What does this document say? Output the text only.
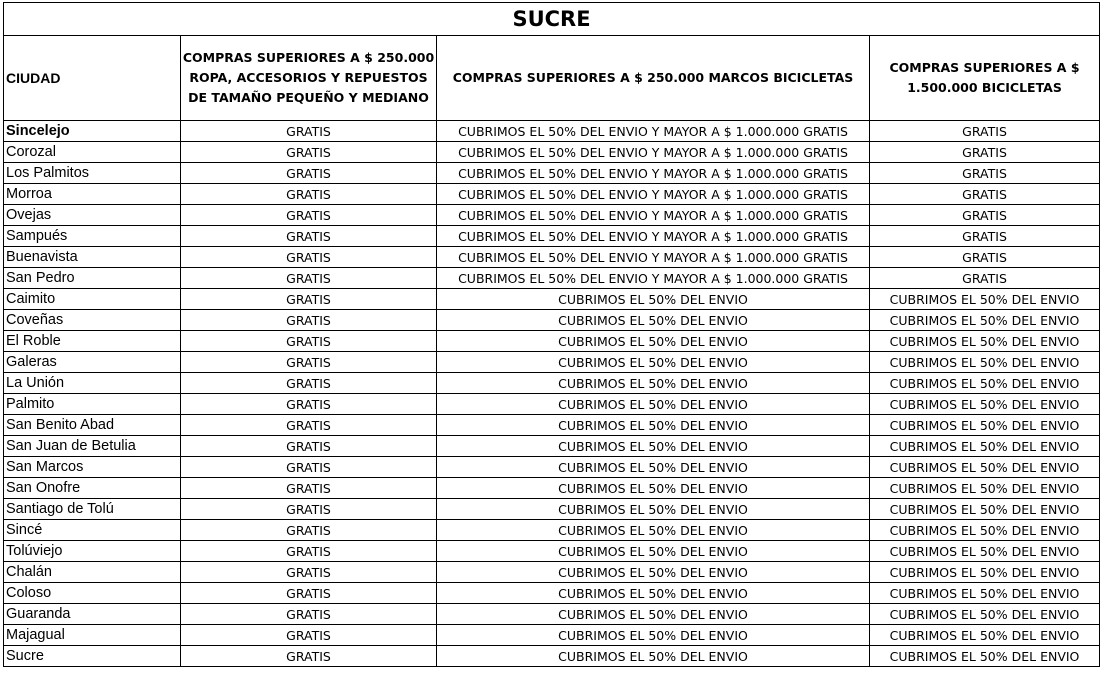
SUCRE			
CIUDAD	COMPRAS SUPERIORES A $ 250.000 ROPA, ACCESORIOS Y REPUESTOS DE TAMAÑO PEQUEÑO Y MEDIANO	COMPRAS SUPERIORES A $ 250.000 MARCOS BICICLETAS	COMPRAS SUPERIORES A $ 1.500.000 BICICLETAS
Sincelejo	GRATIS	CUBRIMOS EL 50% DEL ENVIO Y MAYOR A $ 1.000.000 GRATIS	GRATIS
Corozal	GRATIS	CUBRIMOS EL 50% DEL ENVIO Y MAYOR A $ 1.000.000 GRATIS	GRATIS
Los Palmitos	GRATIS	CUBRIMOS EL 50% DEL ENVIO Y MAYOR A $ 1.000.000 GRATIS	GRATIS
Morroa	GRATIS	CUBRIMOS EL 50% DEL ENVIO Y MAYOR A $ 1.000.000 GRATIS	GRATIS
Ovejas	GRATIS	CUBRIMOS EL 50% DEL ENVIO Y MAYOR A $ 1.000.000 GRATIS	GRATIS
Sampués	GRATIS	CUBRIMOS EL 50% DEL ENVIO Y MAYOR A $ 1.000.000 GRATIS	GRATIS
Buenavista	GRATIS	CUBRIMOS EL 50% DEL ENVIO Y MAYOR A $ 1.000.000 GRATIS	GRATIS
San Pedro	GRATIS	CUBRIMOS EL 50% DEL ENVIO Y MAYOR A $ 1.000.000 GRATIS	GRATIS
Caimito	GRATIS	CUBRIMOS EL 50% DEL ENVIO	CUBRIMOS EL 50% DEL ENVIO
Coveñas	GRATIS	CUBRIMOS EL 50% DEL ENVIO	CUBRIMOS EL 50% DEL ENVIO
El Roble	GRATIS	CUBRIMOS EL 50% DEL ENVIO	CUBRIMOS EL 50% DEL ENVIO
Galeras	GRATIS	CUBRIMOS EL 50% DEL ENVIO	CUBRIMOS EL 50% DEL ENVIO
La Unión	GRATIS	CUBRIMOS EL 50% DEL ENVIO	CUBRIMOS EL 50% DEL ENVIO
Palmito	GRATIS	CUBRIMOS EL 50% DEL ENVIO	CUBRIMOS EL 50% DEL ENVIO
San Benito Abad	GRATIS	CUBRIMOS EL 50% DEL ENVIO	CUBRIMOS EL 50% DEL ENVIO
San Juan de Betulia	GRATIS	CUBRIMOS EL 50% DEL ENVIO	CUBRIMOS EL 50% DEL ENVIO
San Marcos	GRATIS	CUBRIMOS EL 50% DEL ENVIO	CUBRIMOS EL 50% DEL ENVIO
San Onofre	GRATIS	CUBRIMOS EL 50% DEL ENVIO	CUBRIMOS EL 50% DEL ENVIO
Santiago de Tolú	GRATIS	CUBRIMOS EL 50% DEL ENVIO	CUBRIMOS EL 50% DEL ENVIO
Sincé	GRATIS	CUBRIMOS EL 50% DEL ENVIO	CUBRIMOS EL 50% DEL ENVIO
Tolúviejo	GRATIS	CUBRIMOS EL 50% DEL ENVIO	CUBRIMOS EL 50% DEL ENVIO
Chalán	GRATIS	CUBRIMOS EL 50% DEL ENVIO	CUBRIMOS EL 50% DEL ENVIO
Coloso	GRATIS	CUBRIMOS EL 50% DEL ENVIO	CUBRIMOS EL 50% DEL ENVIO
Guaranda	GRATIS	CUBRIMOS EL 50% DEL ENVIO	CUBRIMOS EL 50% DEL ENVIO
Majagual	GRATIS	CUBRIMOS EL 50% DEL ENVIO	CUBRIMOS EL 50% DEL ENVIO
Sucre	GRATIS	CUBRIMOS EL 50% DEL ENVIO	CUBRIMOS EL 50% DEL ENVIO
